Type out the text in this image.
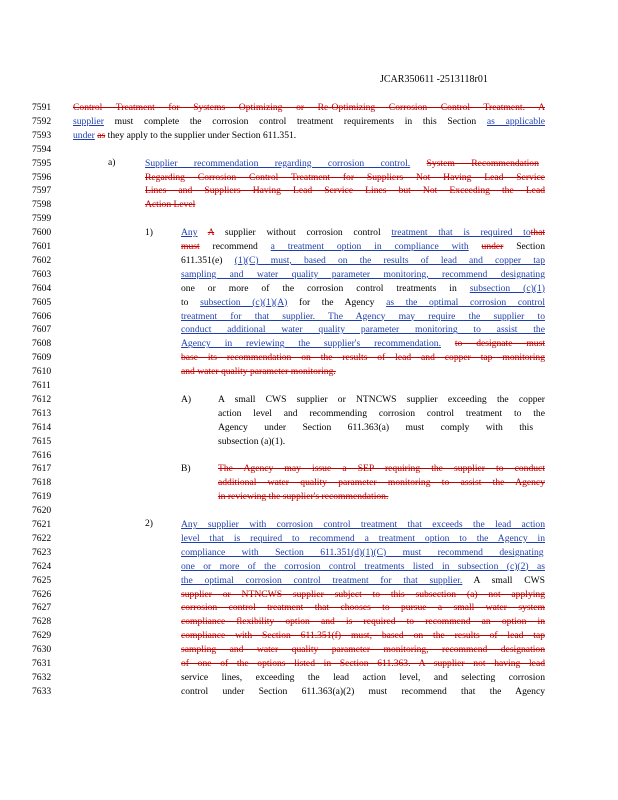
JCAR350611 -2513118r01
7591
7592
7593
7594
7595
7596
7597
7598
7599
7600
7601
7602
7603
7604
7605
7606
7607
7608
7609
7610
7611
7612
7613
7614
7615
7616
7617
7618
7619
7620
7621
7622
7623
7624
7625
7626
7627
7628
7629
7630
7631
7632
7633
a)
1)
A)
B)
2)
Control Treatment for Systems Optimizing or Re-Optimizing Corrosion Control Treatment. A
supplier must complete the corrosion control treatment requirements in this Section as applicable
under as they apply to the supplier under Section 611.351.
Supplier recommendation regarding corrosion control. System Recommendation
Regarding Corrosion Control Treatment for Suppliers Not Having Lead Service
Lines and Suppliers Having Lead Service Lines but Not Exceeding the Lead
Action Level
Any A supplier without corrosion control treatment that is required tothat
must recommend a treatment option in compliance with under Section
611.351(e) (1)(C) must, based on the results of lead and copper tap
sampling and water quality parameter monitoring, recommend designating
one or more of the corrosion control treatments in subsection (c)(1)
to subsection (c)(1)(A) for the Agency as the optimal corrosion control
treatment for that supplier. The Agency may require the supplier to
conduct additional water quality parameter monitoring to assist the
Agency in reviewing the supplier's recommendation. to designate must
base its recommendation on the results of lead and copper tap monitoring
and water quality parameter monitoring.
A small CWS supplier or NTNCWS supplier exceeding the copper
action level and recommending corrosion control treatment to the
Agency under Section 611.363(a) must comply with this
subsection (a)(1).
The Agency may issue a SEP requiring the supplier to conduct
additional water quality parameter monitoring to assist the Agency
in reviewing the supplier's recommendation.
Any supplier with corrosion control treatment that exceeds the lead action
level that is required to recommend a treatment option to the Agency in
compliance with Section 611.351(d)(1)(C) must recommend designating
one or more of the corrosion control treatments listed in subsection (c)(2) as
the optimal corrosion control treatment for that supplier. A small CWS
supplier or NTNCWS supplier subject to this subsection (a) not applying
corrosion control treatment that chooses to pursue a small water system
compliance flexibility option and is required to recommend an option in
compliance with Section 611.351(f) must, based on the results of lead tap
sampling and water quality parameter monitoring, recommend designation
of one of the options listed in Section 611.363. A supplier not having lead
service lines, exceeding the lead action level, and selecting corrosion
control under Section 611.363(a)(2) must recommend that the Agency
